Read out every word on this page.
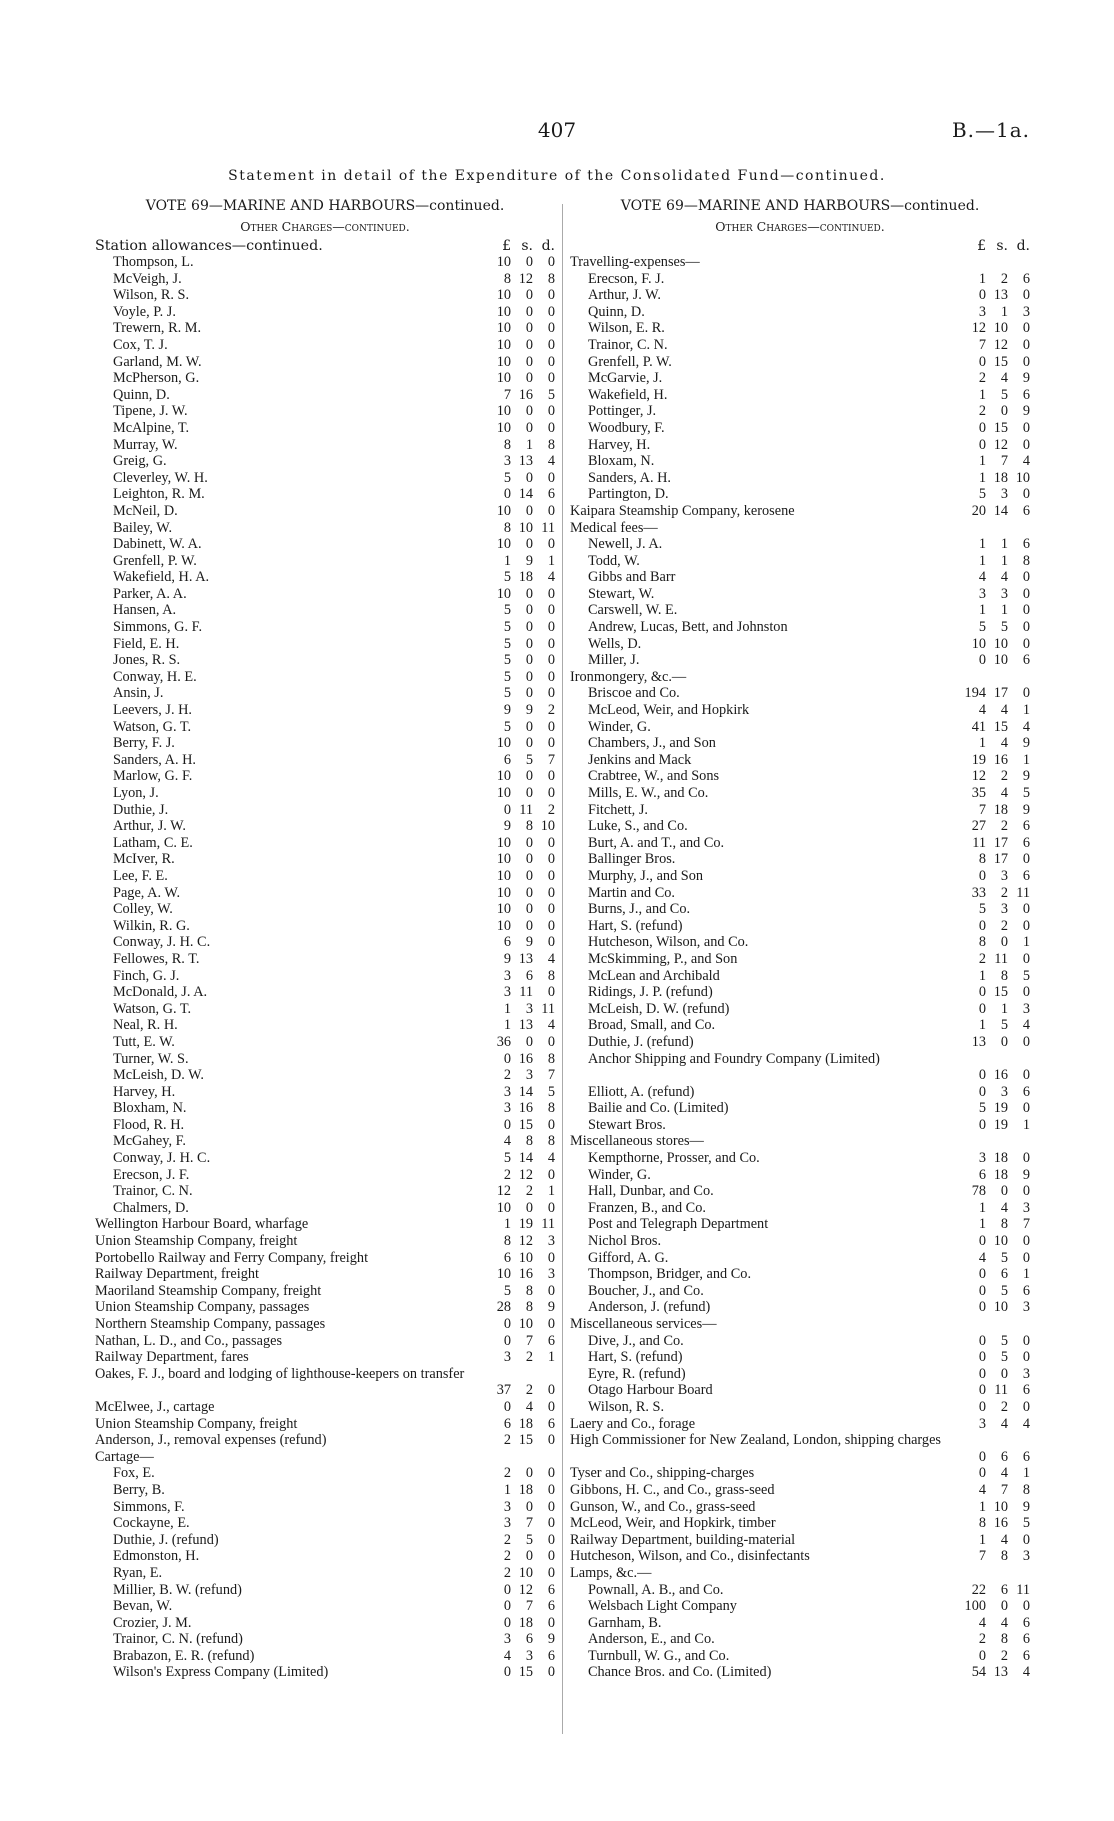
407	B.—1a.
Statement in detail of the Expenditure of the Consolidated Fund—continued.
VOTE 69—MARINE AND HARBOURS—continued.
Other Charges—continued.
Station allowances—continued.	£ s. d.
Thompson, L.	10	0	0
McVeigh, J.	8 12	8
Wilson, R. S.	10	0	0
Voyle, P. J.	10	0	0
Trewern, R. M.	10	0	0
Cox, T. J.	10	0	0
Garland, M. W.	10	0	0
McPherson, G.	10	0	0
Quinn, D.	7 16	5
Tipene, J. W.	10	0	0
McAlpine, T.	10	0	0
Murray, W.	8	1	8
Greig, G.	3 13	4
Cleverley, W. H.	5	0	0
Leighton, R. M.	0 14	6
McNeil, D.	10	0	0
Bailey, W.	8 10 11
Dabinett, W. A.	10	0	0
Grenfell, P. W.	1	9	1
Wakefield, H. A.	5 18	4
Parker, A. A.	10	0	0
Hansen, A.	5	0	0
Simmons, G. F.	5	0	0
Field, E. H.	5	0	0
Jones, R. S.	5	0	0
Conway, H. E.	5	0	0
Ansin, J.	5	0	0
Leevers, J. H.	9	9	2
Watson, G. T.	5	0	0
Berry, F. J.	10	0	0
Sanders, A. H.	6	5	7
Marlow, G. F.	10	0	0
Lyon, J.	10	0	0
Duthie, J.	0 11	2
Arthur, J. W.	9	8 10
Latham, C. E.	10	0	0
McIver, R.	10	0	0
Lee, F. E.	10	0	0
Page, A. W.	10	0	0
Colley, W.	10	0	0
Wilkin, R. G.	10	0	0
Conway, J. H. C.	6	9	0
Fellowes, R. T.	9 13	4
Finch, G. J.	3	6	8
McDonald, J. A.	3 11	0
Watson, G. T.	1	3 11
Neal, R. H.	1 13	4
Tutt, E. W.	36	0	0
Turner, W. S.	0 16	8
McLeish, D. W.	2	3	7
Harvey, H.	3 14	5
Bloxham, N.	3 16	8
Flood, R. H.	0 15	0
McGahey, F.	4	8	8
Conway, J. H. C.	5 14	4
Erecson, J. F.	2 12	0
Trainor, C. N.	12	2	1
Chalmers, D.	10	0	0
Wellington Harbour Board, wharfage	1 19 11
Union Steamship Company, freight	8 12	3
Portobello Railway and Ferry Company, freight	6 10	0
Railway Department, freight	10 16	3
Maoriland Steamship Company, freight	5	8	0
Union Steamship Company, passages	28	8	9
Northern Steamship Company, passages	0 10	0
Nathan, L. D., and Co., passages	0	7	6
Railway Department, fares	3	2	1
Oakes, F. J., board and lodging of lighthouse-keepers on transfer
37	2	0
McElwee, J., cartage	0	4	0
Union Steamship Company, freight	6 18	6
Anderson, J., removal expenses (refund)	2 15	0
Cartage—
Fox, E.	2	0	0
Berry, B.	1 18	0
Simmons, F.	3	0	0
Cockayne, E.	3	7	0
Duthie, J. (refund)	2	5	0
Edmonston, H.	2	0	0
Ryan, E.	2 10	0
Millier, B. W. (refund)	0 12	6
Bevan, W.	0	7	6
Crozier, J. M.	0 18	0
Trainor, C. N. (refund)	3	6	9
Brabazon, E. R. (refund)	4	3	6
Wilson's Express Company (Limited)	0 15	0
VOTE 69—MARINE AND HARBOURS—continued.
Other Charges—continued.
£ s. d.
Travelling-expenses—
Erecson, F. J.	1	2	6
Arthur, J. W.	0 13	0
Quinn, D.	3	1	3
Wilson, E. R.	12 10	0
Trainor, C. N.	7 12	0
Grenfell, P. W.	0 15	0
McGarvie, J.	2	4	9
Wakefield, H.	1	5	6
Pottinger, J.	2	0	9
Woodbury, F.	0 15	0
Harvey, H.	0 12	0
Bloxam, N.	1	7	4
Sanders, A. H.	1 18 10
Partington, D.	5	3	0
Kaipara Steamship Company, kerosene	20 14	6
Medical fees—
Newell, J. A.	1	1	6
Todd, W.	1	1	8
Gibbs and Barr	4	4	0
Stewart, W.	3	3	0
Carswell, W. E.	1	1	0
Andrew, Lucas, Bett, and Johnston	5	5	0
Wells, D.	10 10	0
Miller, J.	0 10	6
Ironmongery, &c.—
Briscoe and Co.	194 17	0
McLeod, Weir, and Hopkirk	4	4	1
Winder, G.	41 15	4
Chambers, J., and Son	1	4	9
Jenkins and Mack	19 16	1
Crabtree, W., and Sons	12	2	9
Mills, E. W., and Co.	35	4	5
Fitchett, J.	7 18	9
Luke, S., and Co.	27	2	6
Burt, A. and T., and Co.	11 17	6
Ballinger Bros.	8 17	0
Murphy, J., and Son	0	3	6
Martin and Co.	33	2 11
Burns, J., and Co.	5	3	0
Hart, S. (refund)	0	2	0
Hutcheson, Wilson, and Co.	8	0	1
McSkimming, P., and Son	2 11	0
McLean and Archibald	1	8	5
Ridings, J. P. (refund)	0 15	0
McLeish, D. W. (refund)	0	1	3
Broad, Small, and Co.	1	5	4
Duthie, J. (refund)	13	0	0
Anchor Shipping and Foundry Company (Limited)
0 16	0
Elliott, A. (refund)	0	3	6
Bailie and Co. (Limited)	5 19	0
Stewart Bros.	0 19	1
Miscellaneous stores—
Kempthorne, Prosser, and Co.	3 18	0
Winder, G.	6 18	9
Hall, Dunbar, and Co.	78	0	0
Franzen, B., and Co.	1	4	3
Post and Telegraph Department	1	8	7
Nichol Bros.	0 10	0
Gifford, A. G.	4	5	0
Thompson, Bridger, and Co.	0	6	1
Boucher, J., and Co.	0	5	6
Anderson, J. (refund)	0 10	3
Miscellaneous services—
Dive, J., and Co.	0	5	0
Hart, S. (refund)	0	5	0
Eyre, R. (refund)	0	0	3
Otago Harbour Board	0 11	6
Wilson, R. S.	0	2	0
Laery and Co., forage	3	4	4
High Commissioner for New Zealand, London, shipping charges
0	6	6
Tyser and Co., shipping-charges	0	4	1
Gibbons, H. C., and Co., grass-seed	4	7	8
Gunson, W., and Co., grass-seed	1 10	9
McLeod, Weir, and Hopkirk, timber	8 16	5
Railway Department, building-material	1	4	0
Hutcheson, Wilson, and Co., disinfectants	7	8	3
Lamps, &c.—
Pownall, A. B., and Co.	22	6 11
Welsbach Light Company	100	0	0
Garnham, B.	4	4	6
Anderson, E., and Co.	2	8	6
Turnbull, W. G., and Co.	0	2	6
Chance Bros. and Co. (Limited)	54 13	4
